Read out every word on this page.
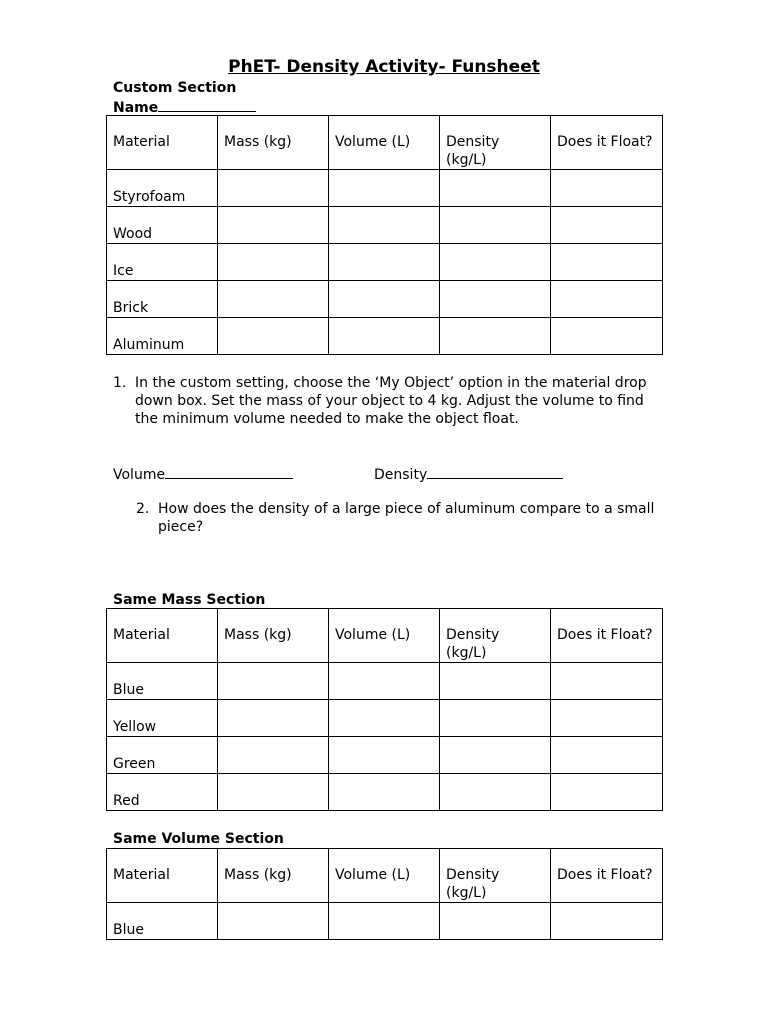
PhET- Density Activity- Funsheet
Custom Section
Name
Material	Mass (kg)	Volume (L)	Density (kg/L)	Does it Float?
Styrofoam				
Wood				
Ice				
Brick				
Aluminum				
1. In the custom setting, choose the ‘My Object’ option in the material drop down box. Set the mass of your object to 4 kg. Adjust the volume to find the minimum volume needed to make the object float.
Volume	Density
2. How does the density of a large piece of aluminum compare to a small piece?
Same Mass Section
Material	Mass (kg)	Volume (L)	Density (kg/L)	Does it Float?
Blue				
Yellow				
Green				
Red				
Same Volume Section
Material	Mass (kg)	Volume (L)	Density (kg/L)	Does it Float?
Blue				
